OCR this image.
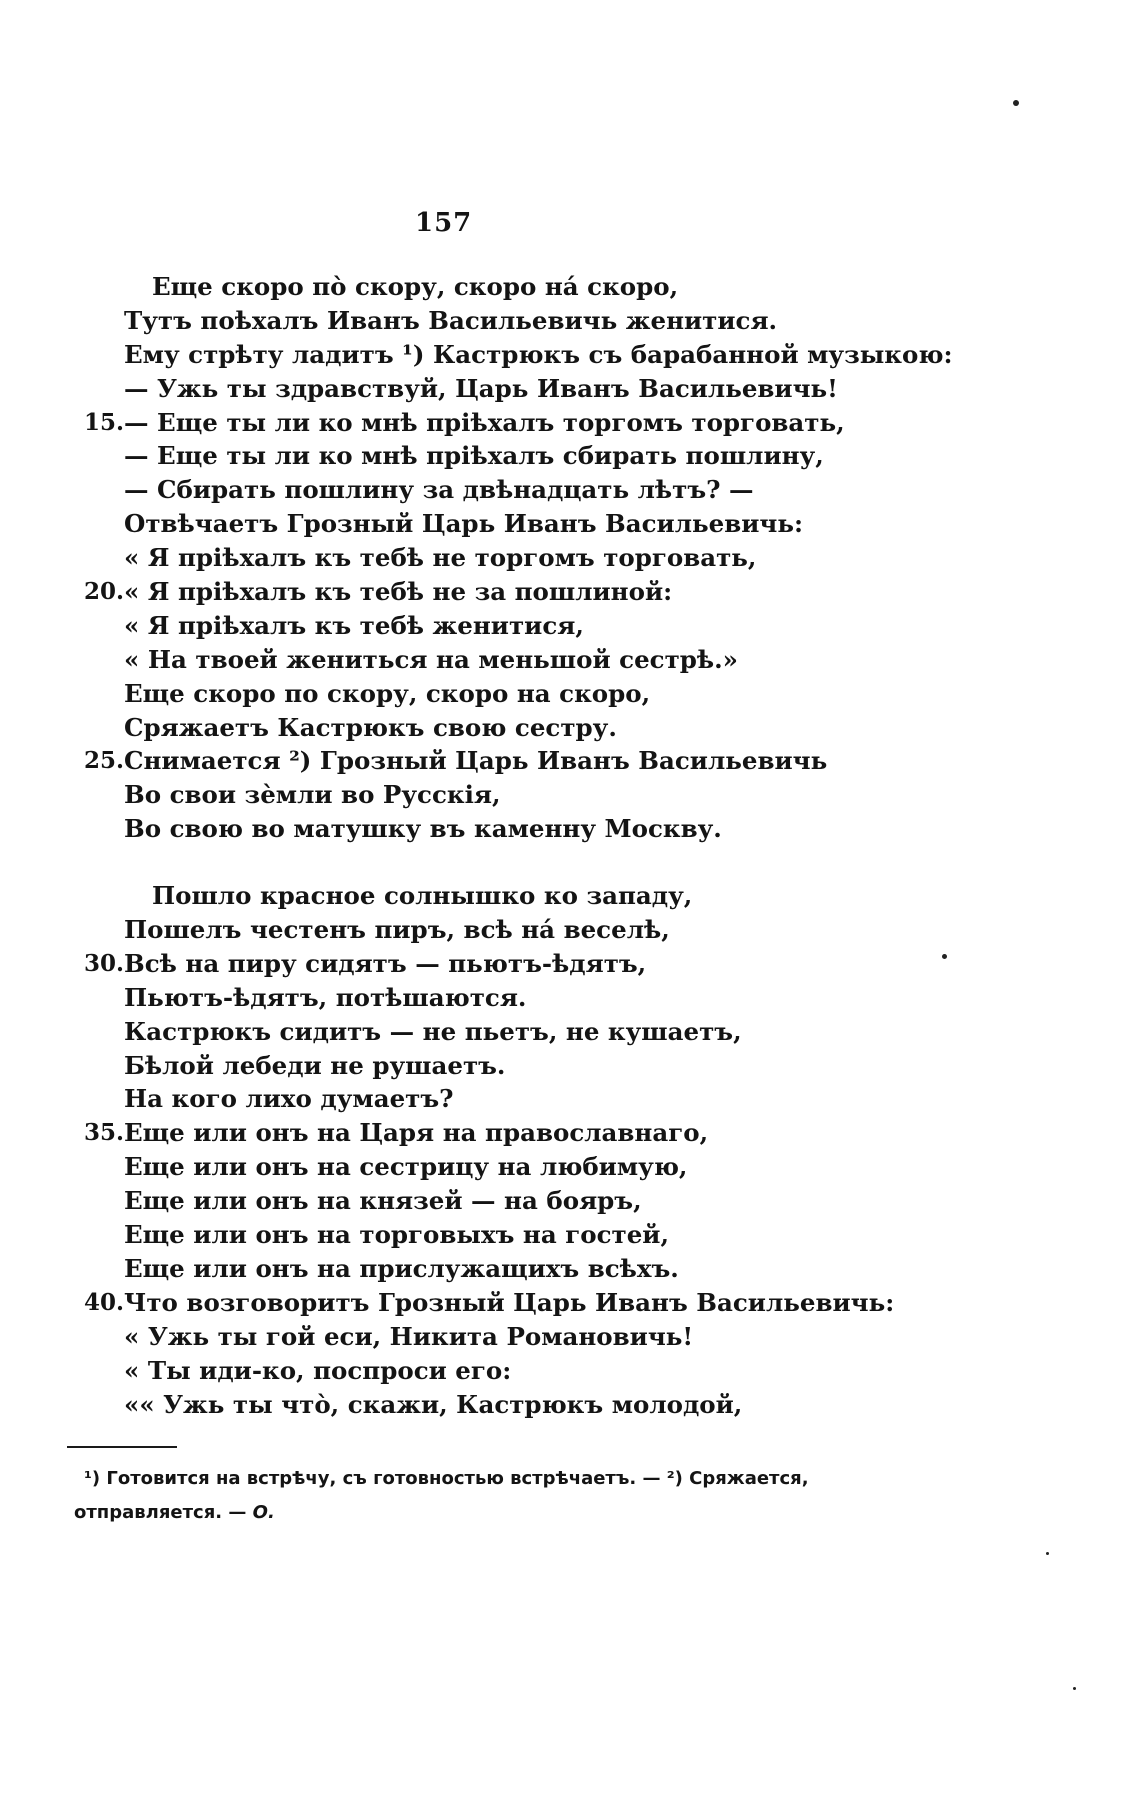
157
Еще скоро по̀ скору, скоро на́ скоро,
Тутъ поѣхалъ Иванъ Васильевичь женитися.
Ему стрѣту ладитъ ¹) Кастрюкъ съ барабанной музыкою:
— Ужь ты здравствуй, Царь Иванъ Васильевичь!
15. — Еще ты ли ко мнѣ прiѣхалъ торгомъ торговать,
— Еще ты ли ко мнѣ прiѣхалъ сбирать пошлину,
— Сбирать пошлину за двѣнадцать лѣтъ? —
Отвѣчаетъ Грозный Царь Иванъ Васильевичь:
« Я прiѣхалъ къ тебѣ не торгомъ торговать,
20. « Я прiѣхалъ къ тебѣ не за пошлиной:
« Я прiѣхалъ къ тебѣ женитися,
« На твоей жениться на меньшой сестрѣ.»
Еще скоро по скору, скоро на скоро,
Сряжаетъ Кастрюкъ свою сестру.
25. Снимается ²) Грозный Царь Иванъ Васильевичь
Во свои зѐмли во Русскiя,
Во свою во матушку въ каменну Москву.
Пошло красное солнышко ко западу,
Пошелъ честенъ пиръ, всѣ на́ веселѣ,
30. Всѣ на пиру сидятъ — пьютъ-ѣдятъ,
Пьютъ-ѣдятъ, потѣшаются.
Кастрюкъ сидитъ — не пьетъ, не кушаетъ,
Бѣлой лебеди не рушаетъ.
На кого лихо думаетъ?
35. Еще или онъ на Царя на православнаго,
Еще или онъ на сестрицу на любимую,
Еще или онъ на князей — на бояръ,
Еще или онъ на торговыхъ на гостей,
Еще или онъ на прислужащихъ всѣхъ.
40. Что возговоритъ Грозный Царь Иванъ Васильевичь:
« Ужь ты гой еси, Никита Романовичь!
« Ты иди-ко, поспроси его:
«« Ужь ты что̀, скажи, Кастрюкъ молодой,
¹) Готовится на встрѣчу, съ готовностью встрѣчаетъ. — ²) Сряжается,
отправляется. — О.
